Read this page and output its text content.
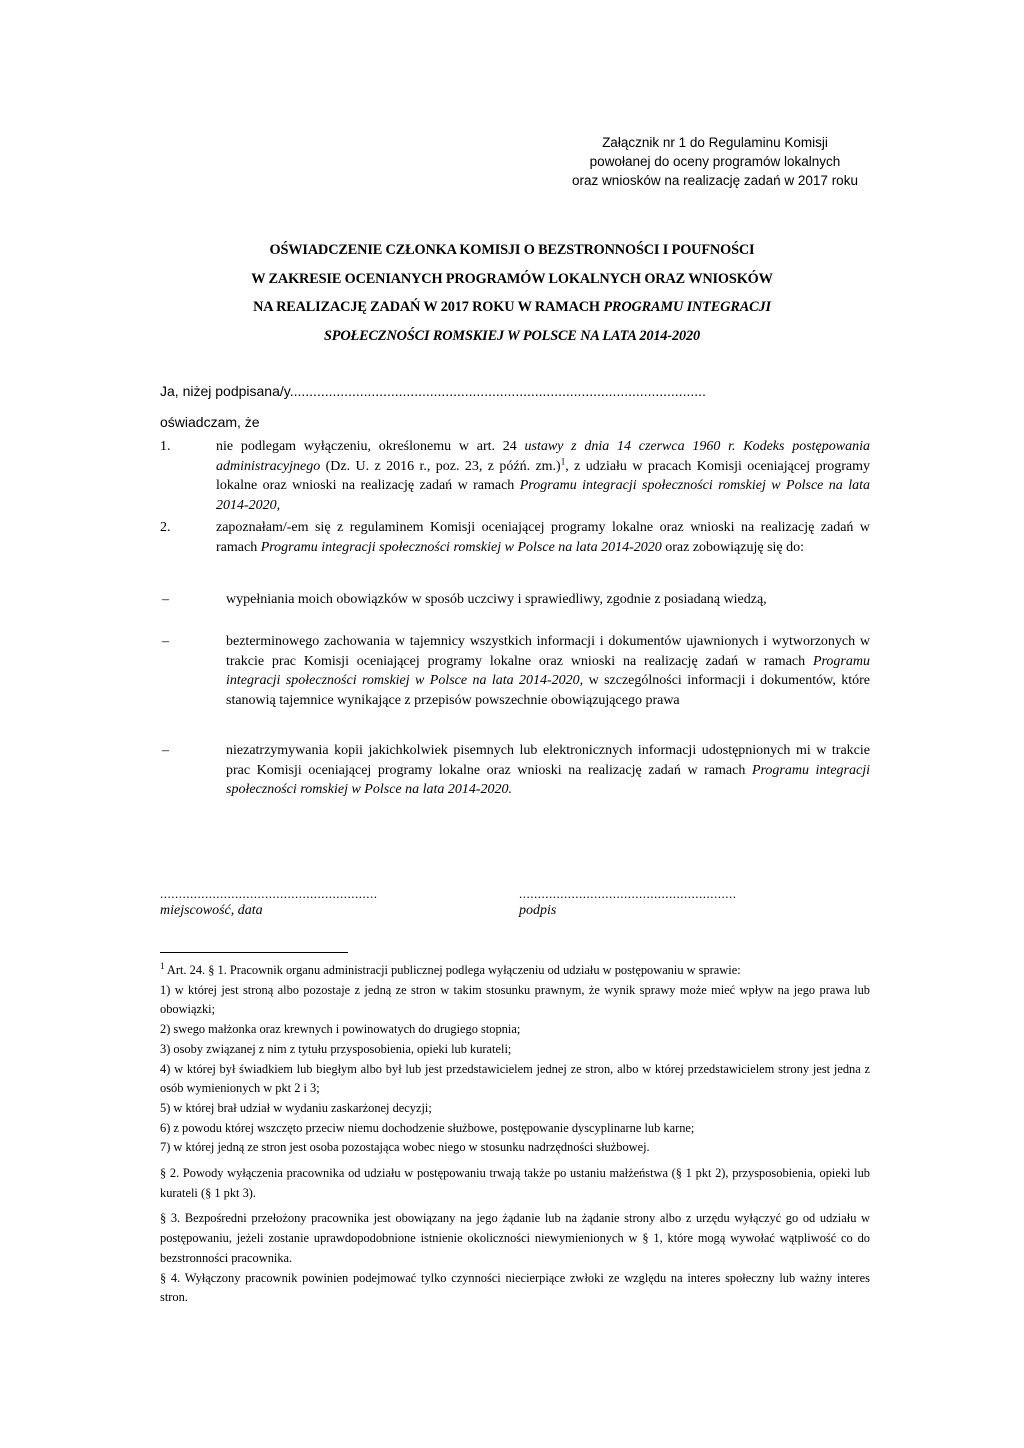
Załącznik nr 1 do Regulaminu Komisji
powołanej do oceny programów lokalnych
oraz wniosków na realizację zadań w 2017 roku
OŚWIADCZENIE CZŁONKA KOMISJI O BEZSTRONNOŚCI I POUFNOŚCI
W ZAKRESIE OCENIANYCH PROGRAMÓW LOKALNYCH ORAZ WNIOSKÓW
NA REALIZACJĘ ZADAŃ W 2017 ROKU W RAMACH PROGRAMU INTEGRACJI
SPOŁECZNOŚCI ROMSKIEJ W POLSCE NA LATA 2014-2020
Ja, niżej podpisana/y...........................................................................................................
oświadczam, że
1.	nie podlegam wyłączeniu, określonemu w art. 24 ustawy z dnia 14 czerwca 1960 r. Kodeks postępowania administracyjnego (Dz. U. z 2016 r., poz. 23, z późń. zm.)$^1$, z udziału w pracach Komisji oceniającej programy lokalne oraz wnioski na realizację zadań w ramach Programu integracji społeczności romskiej w Polsce na lata 2014-2020,
2.	zapoznałam/-em się z regulaminem Komisji oceniającej programy lokalne oraz wnioski na realizację zadań w ramach Programu integracji społeczności romskiej w Polsce na lata 2014-2020 oraz zobowiązuję się do:
–	wypełniania moich obowiązków w sposób uczciwy i sprawiedliwy, zgodnie z posiadaną wiedzą,
–	bezterminowego zachowania w tajemnicy wszystkich informacji i dokumentów ujawnionych i wytworzonych w trakcie prac Komisji oceniającej programy lokalne oraz wnioski na realizację zadań w ramach Programu integracji społeczności romskiej w Polsce na lata 2014-2020, w szczególności informacji i dokumentów, które stanowią tajemnice wynikające z przepisów powszechnie obowiązującego prawa
–	niezatrzymywania kopii jakichkolwiek pisemnych lub elektronicznych informacji udostępnionych mi w trakcie prac Komisji oceniającej programy lokalne oraz wnioski na realizację zadań w ramach Programu integracji społeczności romskiej w Polsce na lata 2014-2020.
..........................................................
miejscowość, data
..........................................................
podpis

$^1$ Art. 24. § 1. Pracownik organu administracji publicznej podlega wyłączeniu od udziału w postępowaniu w sprawie:

1) w której jest stroną albo pozostaje z jedną ze stron w takim stosunku prawnym, że wynik sprawy może mieć wpływ na jego prawa lub obowiązki;

2) swego małżonka oraz krewnych i powinowatych do drugiego stopnia;

3) osoby związanej z nim z tytułu przysposobienia, opieki lub kurateli;

4) w której był świadkiem lub biegłym albo był lub jest przedstawicielem jednej ze stron, albo w której przedstawicielem strony jest jedna z osób wymienionych w pkt 2 i 3;

5) w której brał udział w wydaniu zaskarżonej decyzji;

6) z powodu której wszczęto przeciw niemu dochodzenie służbowe, postępowanie dyscyplinarne lub karne;

7) w której jedną ze stron jest osoba pozostająca wobec niego w stosunku nadrzędności służbowej.

§ 2. Powody wyłączenia pracownika od udziału w postępowaniu trwają także po ustaniu małżeństwa (§ 1 pkt 2), przysposobienia, opieki lub kurateli (§ 1 pkt 3).

§ 3. Bezpośredni przełożony pracownika jest obowiązany na jego żądanie lub na żądanie strony albo z urzędu wyłączyć go od udziału w postępowaniu, jeżeli zostanie uprawdopodobnione istnienie okoliczności niewymienionych w § 1, które mogą wywołać wątpliwość co do bezstronności pracownika.

§ 4. Wyłączony pracownik powinien podejmować tylko czynności niecierpiące zwłoki ze względu na interes społeczny lub ważny interes stron.
